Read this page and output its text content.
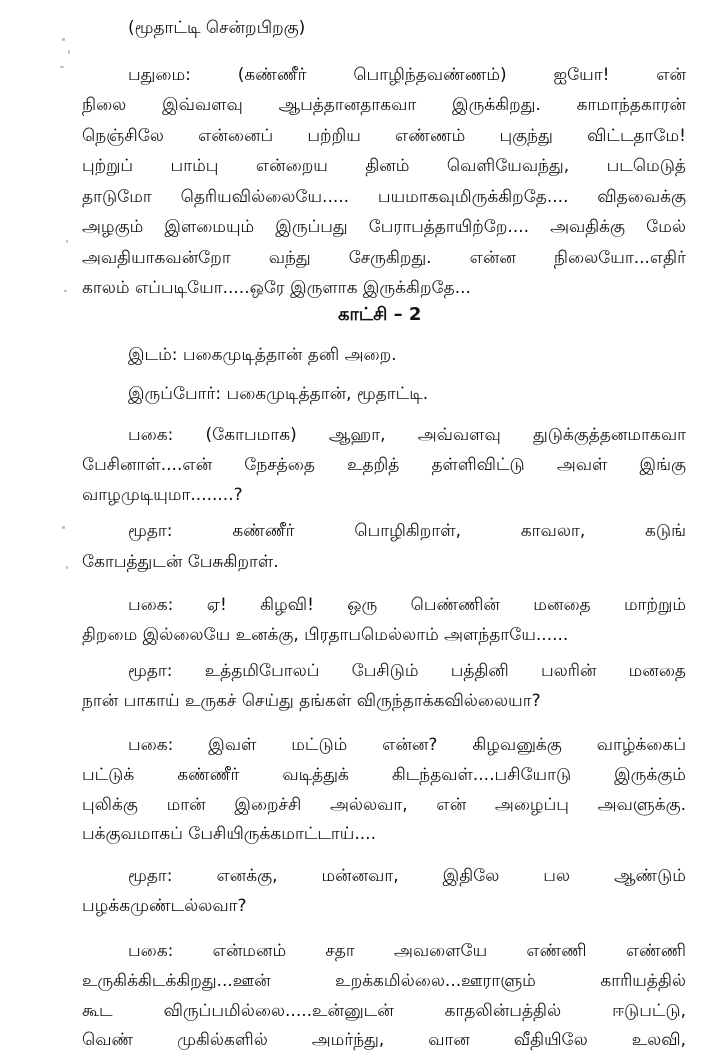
(மூதாட்டி சென்றபிறகு)
பதுமை: (கண்ணீர் பொழிந்தவண்ணம்) ஐயோ! என்
நிலை இவ்வளவு ஆபத்தானதாகவா இருக்கிறது. காமாந்தகாரன்
நெஞ்சிலே என்னைப் பற்றிய எண்ணம் புகுந்து விட்டதாமே!
புற்றுப் பாம்பு என்றைய தினம் வெளியேவந்து, படமெடுத்
தாடுமோ தெரியவில்லையே..... பயமாகவுமிருக்கிறதே.... விதவைக்கு
அழகும் இளமையும் இருப்பது பேராபத்தாயிற்றே.... அவதிக்கு மேல்
அவதியாகவன்றோ வந்து சேருகிறது. என்ன நிலையோ...எதிர்
காலம் எப்படியோ.....ஒரே இருளாக இருக்கிறதே...
காட்சி – 2
இடம்: பகைமுடித்தான் தனி அறை.
இருப்போர்: பகைமுடித்தான், மூதாட்டி.
பகை: (கோபமாக) ஆஹா, அவ்வளவு துடுக்குத்தனமாகவா
பேசினாள்....என் நேசத்தை உதறித் தள்ளிவிட்டு அவள் இங்கு
வாழமுடியுமா........?
மூதா: கண்ணீர் பொழிகிறாள், காவலா, கடுங்
கோபத்துடன் பேசுகிறாள்.
பகை: ஏ! கிழவி! ஒரு பெண்ணின் மனதை மாற்றும்
திறமை இல்லையே உனக்கு, பிரதாபமெல்லாம் அளந்தாயே......
மூதா: உத்தமிபோலப் பேசிடும் பத்தினி பலரின் மனதை
நான் பாகாய் உருகச் செய்து தங்கள் விருந்தாக்கவில்லையா?
பகை: இவள் மட்டும் என்ன? கிழவனுக்கு வாழ்க்கைப்
பட்டுக் கண்ணீர் வடித்துக் கிடந்தவள்....பசியோடு இருக்கும்
புலிக்கு மான் இறைச்சி அல்லவா, என் அழைப்பு அவளுக்கு.
பக்குவமாகப் பேசியிருக்கமாட்டாய்....
மூதா: எனக்கு, மன்னவா, இதிலே பல ஆண்டும்
பழக்கமுண்டல்லவா?
பகை: என்மனம் சதா அவளையே எண்ணி எண்ணி
உருகிக்கிடக்கிறது...ஊன் உறக்கமில்லை...ஊராளும் காரியத்தில்
கூட விருப்பமில்லை.....உன்னுடன் காதலின்பத்தில் ஈடுபட்டு,
வெண் முகில்களில் அமர்ந்து, வான வீதியிலே உலவி,
